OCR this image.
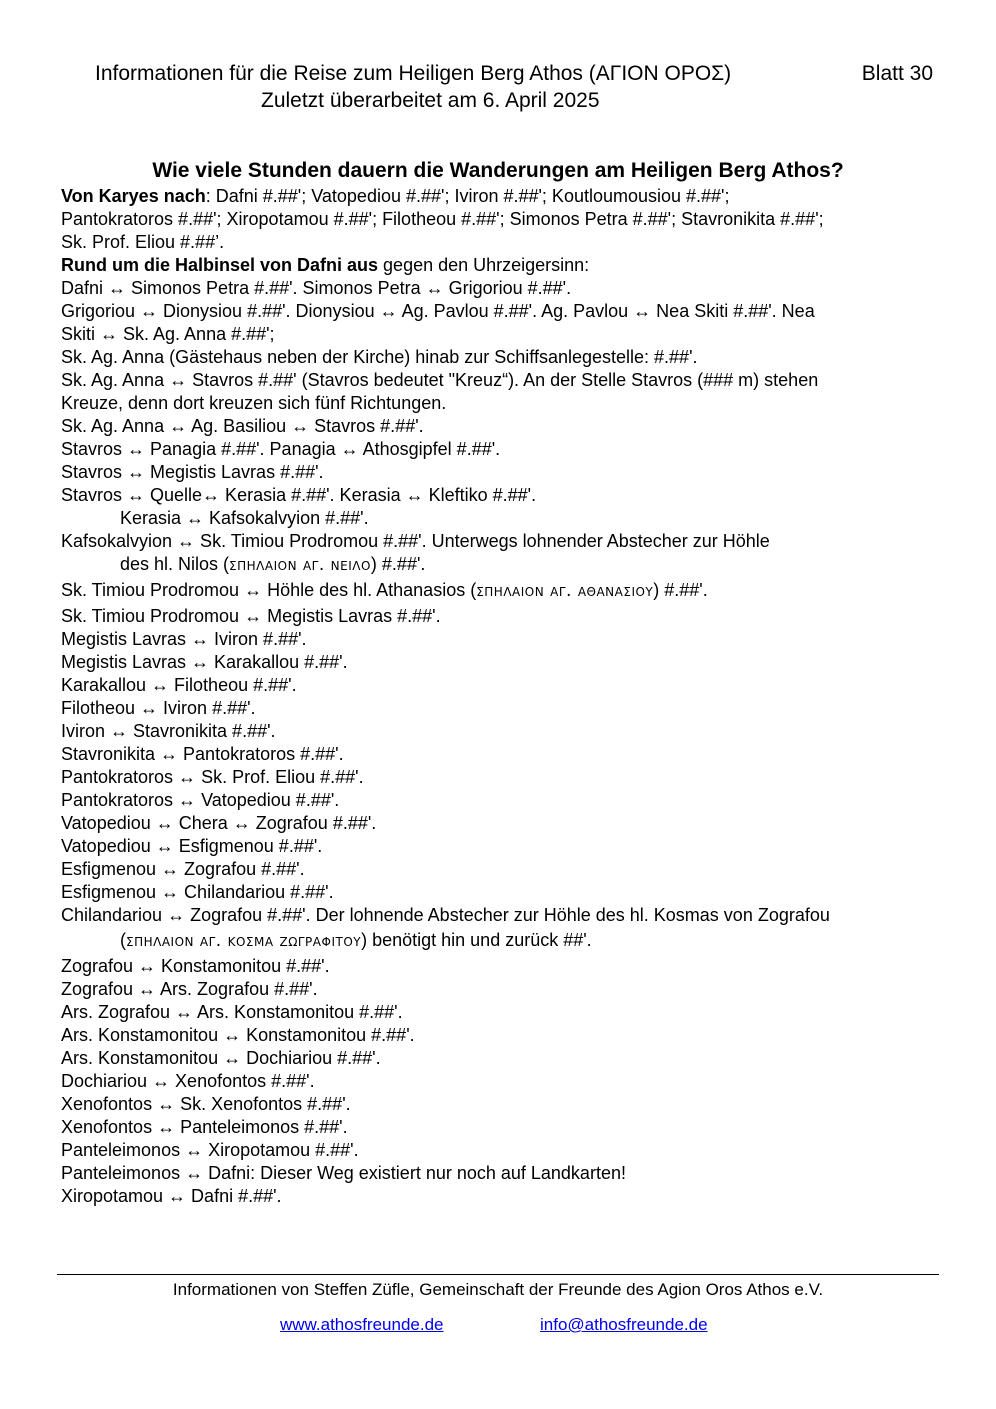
Informationen für die Reise zum Heiligen Berg Athos (ΑΓΙΟΝ ΟΡΟΣ)	Blatt 30
Zuletzt überarbeitet am 6. April 2025
Wie viele Stunden dauern die Wanderungen am Heiligen Berg Athos?
Von Karyes nach: Dafni #.##'; Vatopediou #.##'; Iviron #.##'; Koutloumousiou #.##';
Pantokratoros #.##'; Xiropotamou #.##'; Filotheou #.##'; Simonos Petra #.##'; Stavronikita #.##';
Sk. Prof. Eliou #.##’.
Rund um die Halbinsel von Dafni aus gegen den Uhrzeigersinn:
Dafni ↔ Simonos Petra #.##'. Simonos Petra ↔ Grigoriou #.##'.
Grigoriou ↔ Dionysiou #.##'. Dionysiou ↔ Ag. Pavlou #.##'. Ag. Pavlou ↔ Nea Skiti #.##'. Nea
Skiti ↔ Sk. Ag. Anna #.##';
Sk. Ag. Anna (Gästehaus neben der Kirche) hinab zur Schiffsanlegestelle: #.##'.
Sk. Ag. Anna ↔ Stavros #.##' (Stavros bedeutet "Kreuz“). An der Stelle Stavros (### m) stehen
Kreuze, denn dort kreuzen sich fünf Richtungen.
Sk. Ag. Anna ↔ Ag. Basiliou ↔ Stavros #.##'.
Stavros ↔ Panagia #.##'. Panagia ↔ Athosgipfel #.##'.
Stavros ↔ Megistis Lavras #.##'.
Stavros ↔ Quelle↔ Kerasia #.##'. Kerasia ↔ Kleftiko #.##'.
Kerasia ↔ Kafsokalvyion #.##'.
Kafsokalvyion ↔ Sk. Timiou Prodromou #.##'. Unterwegs lohnender Abstecher zur Höhle
des hl. Nilos (σπηλαιον αγ. νειλο) #.##'.
Sk. Timiou Prodromou ↔ Höhle des hl. Athanasios (σπηλαιον αγ. αθανασιου) #.##'.
Sk. Timiou Prodromou ↔ Megistis Lavras #.##'.
Megistis Lavras ↔ Iviron #.##'.
Megistis Lavras ↔ Karakallou #.##'.
Karakallou ↔ Filotheou #.##'.
Filotheou ↔ Iviron #.##'.
Iviron ↔ Stavronikita #.##'.
Stavronikita ↔ Pantokratoros #.##'.
Pantokratoros ↔ Sk. Prof. Eliou #.##'.
Pantokratoros ↔ Vatopediou #.##'.
Vatopediou ↔ Chera ↔ Zografou #.##'.
Vatopediou ↔ Esfigmenou #.##'.
Esfigmenou ↔ Zografou #.##'.
Esfigmenou ↔ Chilandariou #.##'.
Chilandariou ↔ Zografou #.##'. Der lohnende Abstecher zur Höhle des hl. Kosmas von Zografou
(σπηλαιον αγ. κοσμα ζωγραφιτου) benötigt hin und zurück ##'.
Zografou ↔ Konstamonitou #.##'.
Zografou ↔ Ars. Zografou #.##'.
Ars. Zografou ↔ Ars. Konstamonitou #.##'.
Ars. Konstamonitou ↔ Konstamonitou #.##'.
Ars. Konstamonitou ↔ Dochiariou #.##'.
Dochiariou ↔ Xenofontos #.##'.
Xenofontos ↔ Sk. Xenofontos #.##'.
Xenofontos ↔ Panteleimonos #.##'.
Panteleimonos ↔ Xiropotamou #.##'.
Panteleimonos ↔ Dafni: Dieser Weg existiert nur noch auf Landkarten!
Xiropotamou ↔ Dafni #.##'.
Informationen von Steffen Züfle, Gemeinschaft der Freunde des Agion Oros Athos e.V.
www.athosfreunde.de	info@athosfreunde.de
